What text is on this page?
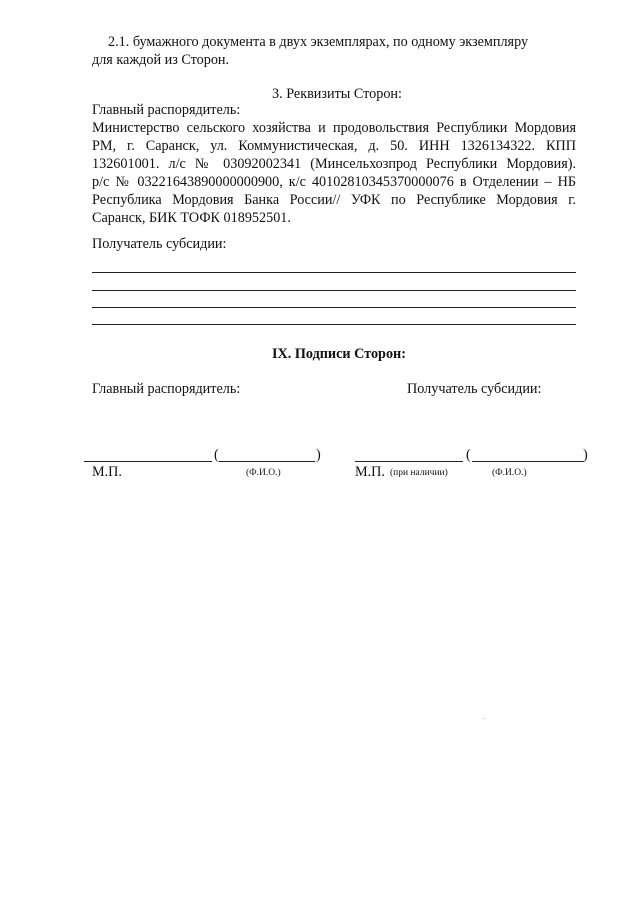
2.1. бумажного документа в двух экземплярах, по одному экземпляру
для каждой из Сторон.
3. Реквизиты Сторон:
Главный распорядитель:
Министерство сельского хозяйства и продовольствия Республики Мордовия
РМ, г. Саранск, ул. Коммунистическая, д. 50. ИНН 1326134322. КПП
132601001. л/с № 03092002341 (Минсельхозпрод Республики Мордовия).
р/с № 03221643890000000900, к/с 40102810345370000076 в Отделении – НБ
Республика Мордовия Банка России// УФК по Республике Мордовия г.
Саранск, БИК ТОФК 018952501.
Получатель субсидии:
IX. Подписи Сторон:
Главный распорядитель:	Получатель субсидии:
(	)
М.П.	(Ф.И.О.)
(	)
М.П. (при наличии)	(Ф.И.О.)
